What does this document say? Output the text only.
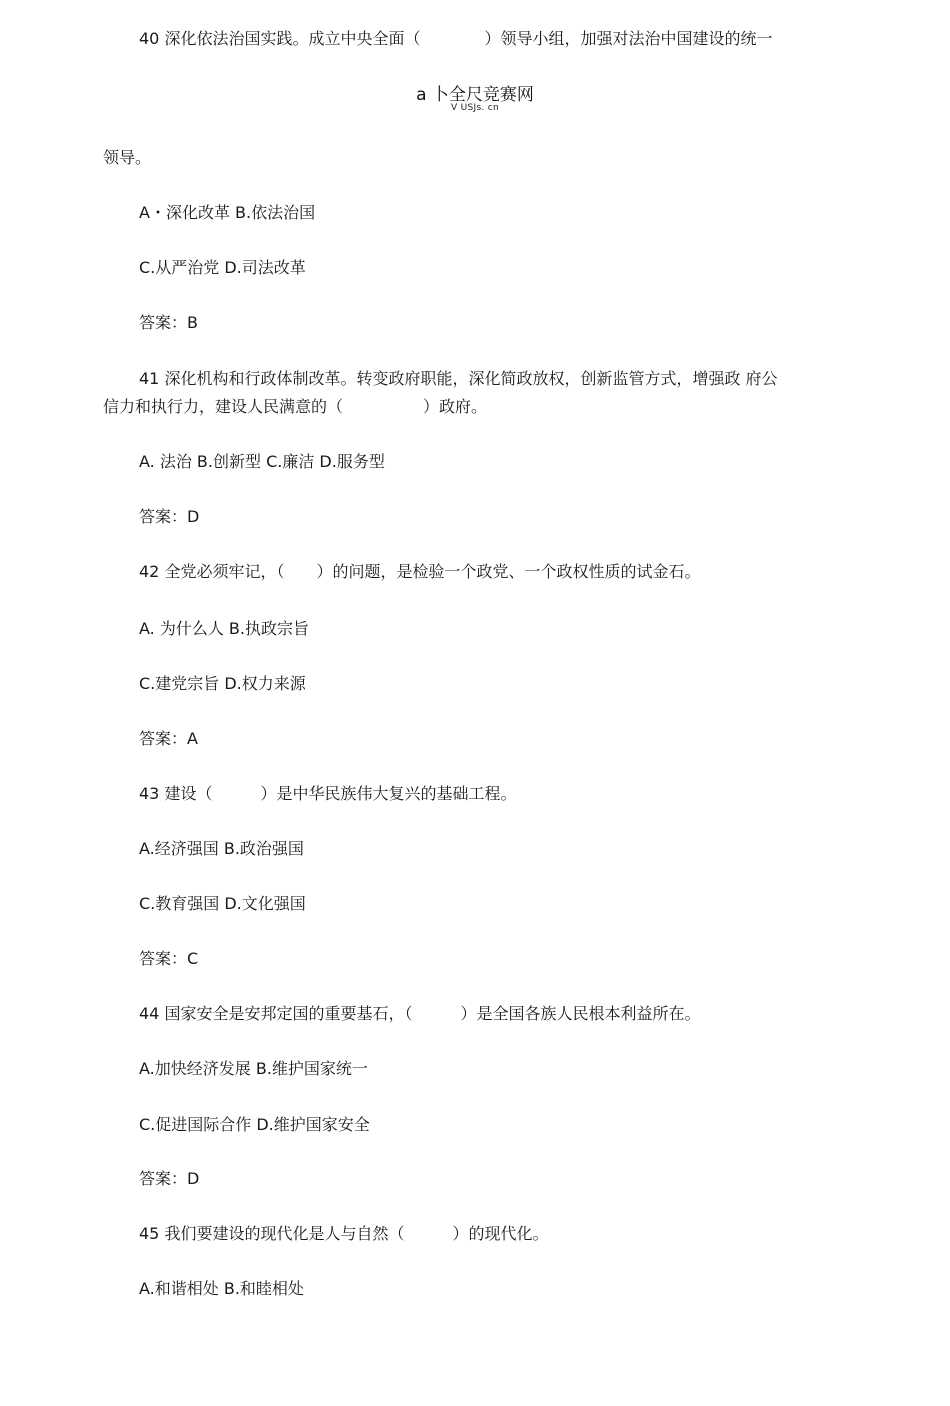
40 深化依法治国实践。成立中央全面（　　　　）领导小组，加强对法治中国建设的统一

a 卜全尺竞赛网
V USJs. cn

领导。

A・深化改革 B.依法治国

C.从严治党 D.司法改革

答案：B

41 深化机构和行政体制改革。转变政府职能，深化简政放权，创新监管方式，增强政 府公

信力和执行力，建设人民满意的（　　　　　）政府。

A. 法治 B.创新型 C.廉洁 D.服务型

答案：D

42 全党必须牢记，（　　）的问题，是检验一个政党、一个政权性质的试金石。

A. 为什么人 B.执政宗旨

C.建党宗旨 D.权力来源

答案：A

43 建设（　　　）是中华民族伟大复兴的基础工程。

A.经济强国 B.政治强国

C.教育强国 D.文化强国

答案：C

44 国家安全是安邦定国的重要基石，（　　　）是全国各族人民根本利益所在。

A.加快经济发展 B.维护国家统一

C.促进国际合作 D.维护国家安全

答案：D

45 我们要建设的现代化是人与自然（　　　）的现代化。

A.和谐相处 B.和睦相处
